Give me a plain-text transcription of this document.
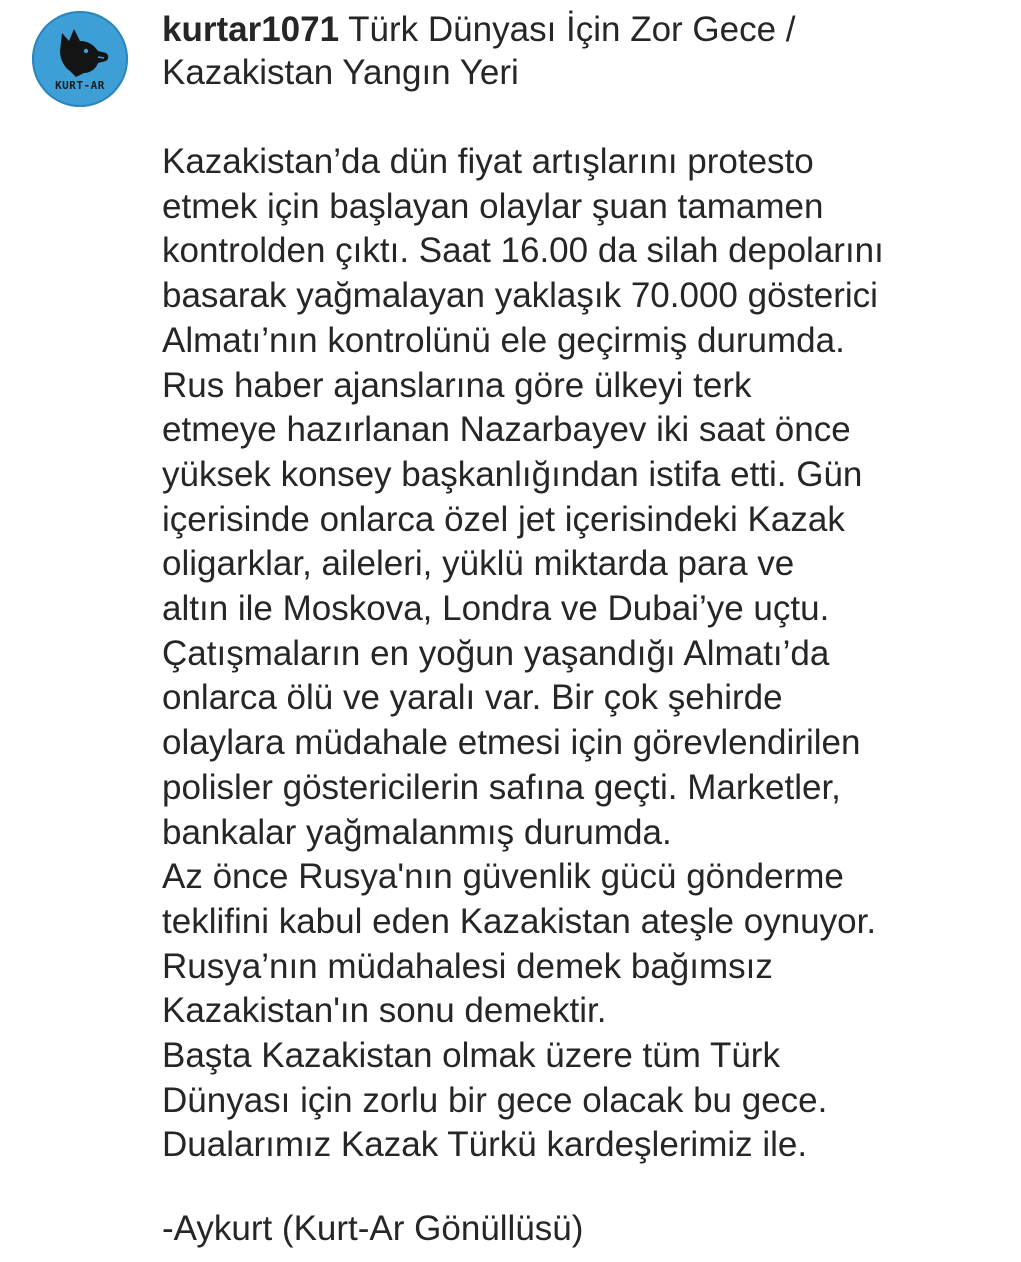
KURT-AR
kurtar1071 Türk Dünyası İçin Zor Gece /
Kazakistan Yangın Yeri
Kazakistan’da dün fiyat artışlarını protesto
etmek için başlayan olaylar şuan tamamen
kontrolden çıktı. Saat 16.00 da silah depolarını
basarak yağmalayan yaklaşık 70.000 gösterici
Almatı’nın kontrolünü ele geçirmiş durumda.
Rus haber ajanslarına göre ülkeyi terk
etmeye hazırlanan Nazarbayev iki saat önce
yüksek konsey başkanlığından istifa etti. Gün
içerisinde onlarca özel jet içerisindeki Kazak
oligarklar, aileleri, yüklü miktarda para ve
altın ile Moskova, Londra ve Dubai’ye uçtu.
Çatışmaların en yoğun yaşandığı Almatı’da
onlarca ölü ve yaralı var. Bir çok şehirde
olaylara müdahale etmesi için görevlendirilen
polisler göstericilerin safına geçti. Marketler,
bankalar yağmalanmış durumda.
Az önce Rusya'nın güvenlik gücü gönderme
teklifini kabul eden Kazakistan ateşle oynuyor.
Rusya’nın müdahalesi demek bağımsız
Kazakistan'ın sonu demektir.
Başta Kazakistan olmak üzere tüm Türk
Dünyası için zorlu bir gece olacak bu gece.
Dualarımız Kazak Türkü kardeşlerimiz ile.
-Aykurt (Kurt-Ar Gönüllüsü)
